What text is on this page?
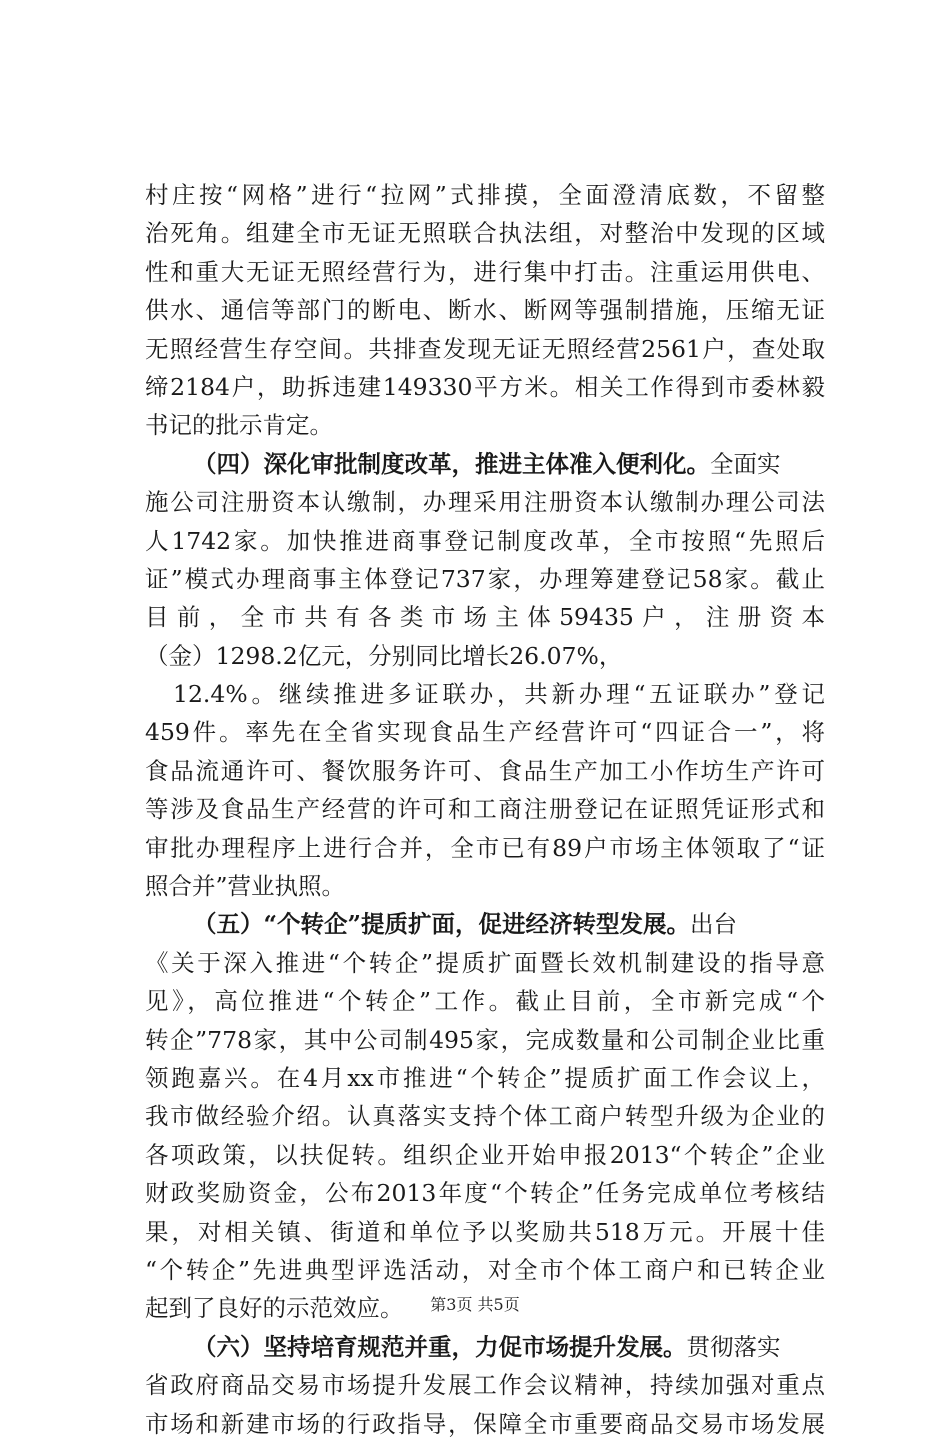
村庄按“网格”进行“拉网”式排摸，全面澄清底数，不留整
治死角。组建全市无证无照联合执法组，对整治中发现的区域
性和重大无证无照经营行为，进行集中打击。注重运用供电、
供水、通信等部门的断电、断水、断网等强制措施，压缩无证
无照经营生存空间。共排查发现无证无照经营2561户，查处取
缔2184户，助拆违建149330平方米。相关工作得到市委林毅
书记的批示肯定。
（四）深化审批制度改革，推进主体准入便利化。全面实
施公司注册资本认缴制，办理采用注册资本认缴制办理公司法
人1742家。加快推进商事登记制度改革，全市按照“先照后
证”模式办理商事主体登记737家，办理筹建登记58家。截止
目前，全市共有各类市场主体59435户，注册资本
（金）1298.2亿元，分别同比增长26.07%，
12.4%。继续推进多证联办，共新办理“五证联办”登记
459件。率先在全省实现食品生产经营许可“四证合一”，将
食品流通许可、餐饮服务许可、食品生产加工小作坊生产许可
等涉及食品生产经营的许可和工商注册登记在证照凭证形式和
审批办理程序上进行合并，全市已有89户市场主体领取了“证
照合并”营业执照。
（五）“个转企”提质扩面，促进经济转型发展。出台
《关于深入推进“个转企”提质扩面暨长效机制建设的指导意
见》，高位推进“个转企”工作。截止目前，全市新完成“个
转企”778家，其中公司制495家，完成数量和公司制企业比重
领跑嘉兴。在4月xx市推进“个转企”提质扩面工作会议上，
我市做经验介绍。认真落实支持个体工商户转型升级为企业的
各项政策，以扶促转。组织企业开始申报2013“个转企”企业
财政奖励资金，公布2013年度“个转企”任务完成单位考核结
果，对相关镇、街道和单位予以奖励共518万元。开展十佳
“个转企”先进典型评选活动，对全市个体工商户和已转企业
起到了良好的示范效应。
（六）坚持培育规范并重，力促市场提升发展。贯彻落实
省政府商品交易市场提升发展工作会议精神，持续加强对重点
市场和新建市场的行政指导，保障全市重要商品交易市场发展
第3页 共5页
